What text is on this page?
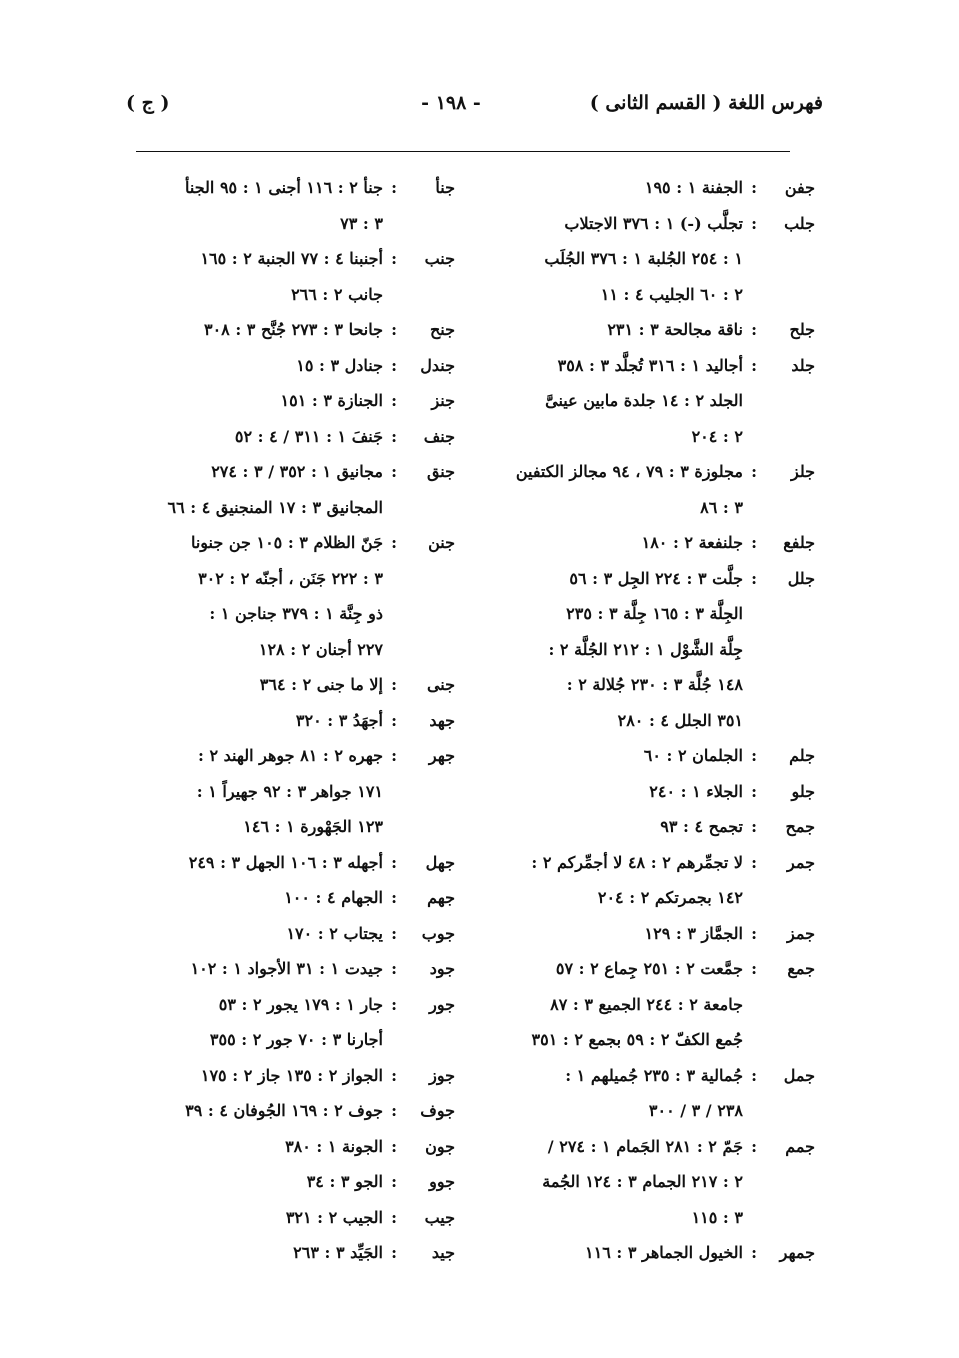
فهرس اللغة ( القسم الثانى )
- ١٩٨ -
( ج )
جفن
:
الجفنة ١ : ١٩٥
جلب
:
تجلَّب (-) ١ : ٣٧٦ الاجتلاب
١ : ٢٥٤ الجُلبة ١ : ٣٧٦ الجُلَب
٢ : ٦٠ الجليب ٤ : ١١
جلح
:
ناقة مجالحة ٣ : ٢٣١
جلد
:
أجاليد ١ : ٣١٦ تُجلَّد ٣ : ٣٥٨
الجلد ٢ : ١٤ جلدة مابين عينىَّ
٢ : ٢٠٤
جلز
:
مجلوزة ٣ : ٧٩ ، ٩٤ مجالز الكتفين
٣ : ٨٦
جلفع
:
جلنفعة ٢ : ١٨٠
جلل
:
جلَّت ٣ : ٢٢٤ الجِل ٣ : ٥٦
الجِلَّة ٣ : ١٦٥ جِلَّة ٣ : ٢٣٥
جِلَّة الشَّوْل ١ : ٢١٢ الجُلَّة ٢ :
١٤٨ جُلَّة ٣ : ٢٣٠ جُلالة ٢ :
٣٥١ الجلل ٤ : ٢٨٠
جلم
:
الجلمان ٢ : ٦٠
جلو
:
الجلاء ١ : ٢٤٠
جمح
:
تجمح ٤ : ٩٣
جمر
:
لا تجمِّرهم ٢ : ٤٨ لا أجمِّركم ٢ :
١٤٢ بجمرتكم ٢ : ٢٠٤
جمز
:
الجمَّاز ٣ : ١٢٩
جمع
:
جمَّعت ٢ : ٢٥١ جِماع ٢ : ٥٧
جامعة ٢ : ٢٤٤ الجميع ٣ : ٨٧
جُمع الكفّ ٢ : ٥٩ بجمع ٢ : ٣٥١
جمل
:
جُمالية ٣ : ٢٣٥ جُميلهم ١ :
٢٣٨ / ٣ / ٣٠٠
جمم
:
جَمّ ٢ : ٢٨١ الجَمام ١ : ٢٧٤ /
٢ : ٢١٧ الجمام ٣ : ١٢٤ الجُمة
٣ : ١١٥
جمهر
:
الخيول الجماهر ٣ : ١١٦
جنأ
:
جنأ ٢ : ١١٦ أجنى ١ : ٩٥ الجنأ
٣ : ٧٣
جنب
:
أجنبنا ٤ : ٧٧ الجنبة ٢ : ١٦٥
جانب ٢ : ٢٦٦
جنح
:
جانحا ٣ : ٢٧٣ جُنَّح ٣ : ٣٠٨
جندل
:
جنادل ٣ : ١٥
جنز
:
الجنازة ٣ : ١٥١
جنف
:
جَنفَ ١ : ٣١١ / ٤ : ٥٢
جنق
:
مجانيق ١ : ٣٥٢ / ٣ : ٢٧٤
المجانيق ٣ : ١٧ المنجنيق ٤ : ٦٦
جنن
:
جَنّ الظلام ٣ : ١٠٥ جن جنونا
٣ : ٢٢٢ جَنَن ، أجنّه ٢ : ٣٠٢
ذو جِنَّة ١ : ٣٧٩ جناجن ١ :
٢٢٧ أجنان ٢ : ١٢٨
جنى
:
إلا ما جنى ٢ : ٣٦٤
جهد
:
أجهَدُ ٣ : ٣٢٠
جهر
:
جهره ٢ : ٨١ جوهر الهند ٢ :
١٧١ جواهر ٣ : ٩٢ جهيراً ١ :
١٢٣ الجَهْورة ١ : ١٤٦
جهل
:
أجهله ٣ : ١٠٦ الجهل ٣ : ٢٤٩
جهم
:
الجهام ٤ : ١٠٠
جوب
:
يجتاب ٢ : ١٧٠
جود
:
جيدت ١ : ٣١ الأجواد ١ : ١٠٢
جور
:
جار ١ : ١٧٩ يجور ٢ : ٥٣
أجارنا ٣ : ٧٠ جور ٢ : ٣٥٥
جوز
:
الجواز ٢ : ١٣٥ جاز ٢ : ١٧٥
جوف
:
جوف ٢ : ١٦٩ الجُوفان ٤ : ٣٩
جون
:
الجونة ١ : ٣٨٠
جوو
:
الجو ٣ : ٣٤
جيب
:
الجيب ٢ : ٣٢١
جيد
:
الجَيِّد ٣ : ٢٦٣
